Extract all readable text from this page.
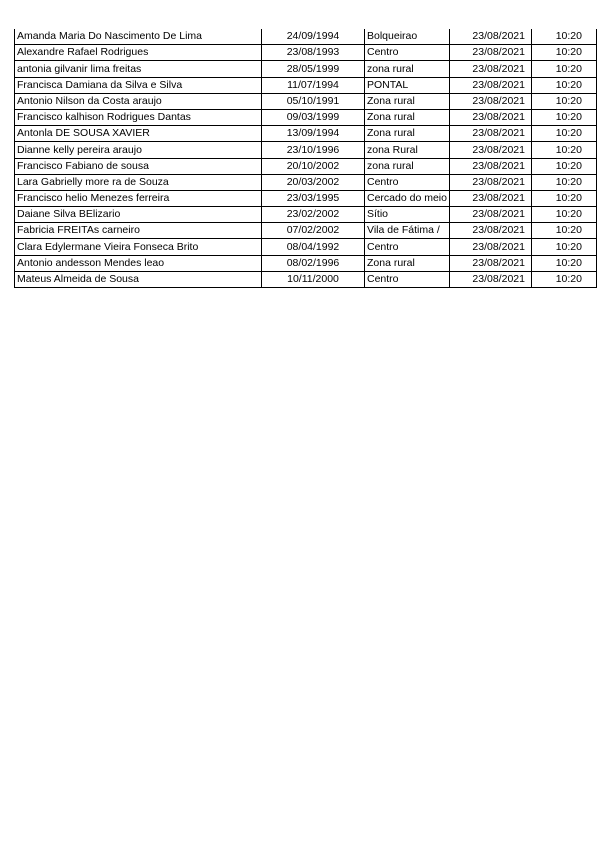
Amanda Maria Do Nascimento De Lima	24/09/1994	Bolqueirao	23/08/2021	10:20
Alexandre Rafael Rodrigues	23/08/1993	Centro	23/08/2021	10:20
antonia gilvanir lima freitas	28/05/1999	zona rural	23/08/2021	10:20
Francisca Damiana da Silva e Silva	11/07/1994	PONTAL	23/08/2021	10:20
Antonio Nilson da Costa araujo	05/10/1991	Zona rural	23/08/2021	10:20
Francisco kalhison Rodrigues Dantas	09/03/1999	Zona rural	23/08/2021	10:20
Antonla DE SOUSA XAVIER	13/09/1994	Zona rural	23/08/2021	10:20
Dianne kelly pereira araujo	23/10/1996	zona Rural	23/08/2021	10:20
Francisco Fabiano de sousa	20/10/2002	zona rural	23/08/2021	10:20
Lara Gabrielly more ra de Souza	20/03/2002	Centro	23/08/2021	10:20
Francisco helio Menezes ferreira	23/03/1995	Cercado do meio	23/08/2021	10:20
Daiane Silva BElizario	23/02/2002	Sítio	23/08/2021	10:20
Fabricia FREITAs carneiro	07/02/2002	Vila de Fátima /	23/08/2021	10:20
Clara Edylermane Vieira Fonseca Brito	08/04/1992	Centro	23/08/2021	10:20
Antonio andesson Mendes leao	08/02/1996	Zona rural	23/08/2021	10:20
Mateus Almeida de Sousa	10/11/2000	Centro	23/08/2021	10:20
